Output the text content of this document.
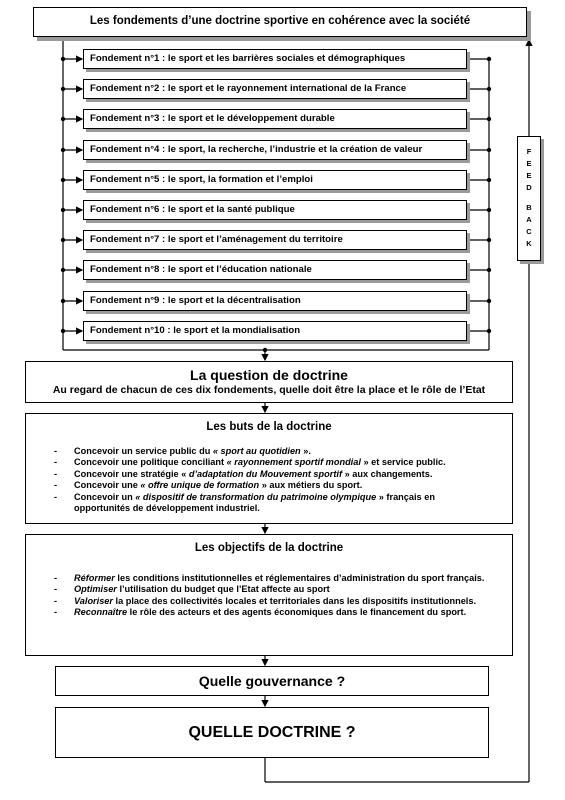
Les fondements d’une doctrine sportive en cohérence avec la société
Fondement n°1 : le sport et les barrières sociales et démographiques
Fondement n°2 : le sport et le rayonnement international de la France
Fondement n°3 : le sport et le développement durable
Fondement n°4 : le sport, la recherche, l’industrie et la création de valeur
Fondement n°5 : le sport, la formation et l’emploi
Fondement n°6 : le sport et la santé publique
Fondement n°7 : le sport et l’aménagement du territoire
Fondement n°8 : le sport et l’éducation nationale
Fondement n°9 : le sport et la décentralisation
Fondement n°10 : le sport et la mondialisation
F
E
E
D
B
A
C
K
La question de doctrine
Au regard de chacun de ces dix fondements, quelle doit être la place et le rôle de l’Etat
Les buts de la doctrine
- Concevoir un service public du « sport au quotidien ».
- Concevoir une politique conciliant « rayonnement sportif mondial » et service public.
- Concevoir une stratégie « d’adaptation du Mouvement sportif » aux changements.
- Concevoir une « offre unique de formation » aux métiers du sport.
- Concevoir un « dispositif de transformation du patrimoine olympique » français en opportunités de développement industriel.
Les objectifs de la doctrine
- Réformer les conditions institutionnelles et réglementaires d’administration du sport français.
- Optimiser l’utilisation du budget que l’Etat affecte au sport
- Valoriser la place des collectivités locales et territoriales dans les dispositifs institutionnels.
- Reconnaître le rôle des acteurs et des agents économiques dans le financement du sport.
Quelle gouvernance ?
QUELLE DOCTRINE ?
